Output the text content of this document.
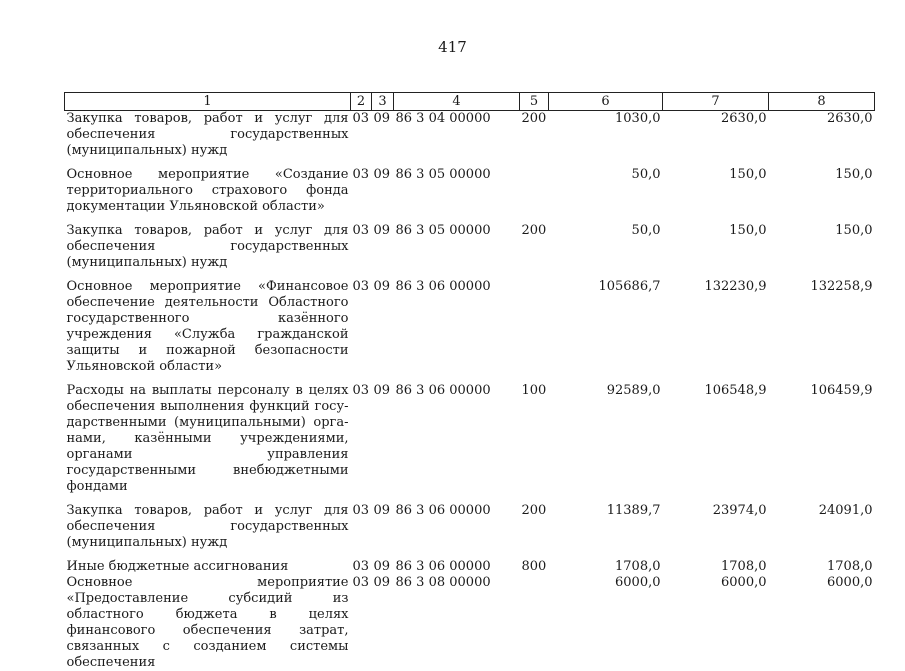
417
1	2	3	4	5	6	7	8
Закупка товаров, работ и услуг для обеспечения государственных (муниципальных) нужд	03	09	86 3 04 00000	200	1030,0	2630,0	2630,0
Основное мероприятие «Создание территориального страхового фонда документации Ульяновской области»	03	09	86 3 05 00000		50,0	150,0	150,0
Закупка товаров, работ и услуг для обеспечения государственных (муниципальных) нужд	03	09	86 3 05 00000	200	50,0	150,0	150,0
Основное мероприятие «Финансовое обеспечение деятельности Областного государственного казённого учреждения «Служба гражданской защиты и пожарной безопасности Ульяновской области»	03	09	86 3 06 00000		105686,7	132230,9	132258,9
Расходы на выплаты персоналу в целях обеспечения выполнения функций государственными (муниципальными) органами, казёнными учреждениями, органами управления государственными внебюджетными фондами	03	09	86 3 06 00000	100	92589,0	106548,9	106459,9
Закупка товаров, работ и услуг для обеспечения государственных (муниципальных) нужд	03	09	86 3 06 00000	200	11389,7	23974,0	24091,0
Иные бюджетные ассигнования	03	09	86 3 06 00000	800	1708,0	1708,0	1708,0
Основное мероприятие «Предоставление субсидий из областного бюджета в целях финансового обеспечения затрат, связанных с созданием системы обеспечения	03	09	86 3 08 00000		6000,0	6000,0	6000,0
